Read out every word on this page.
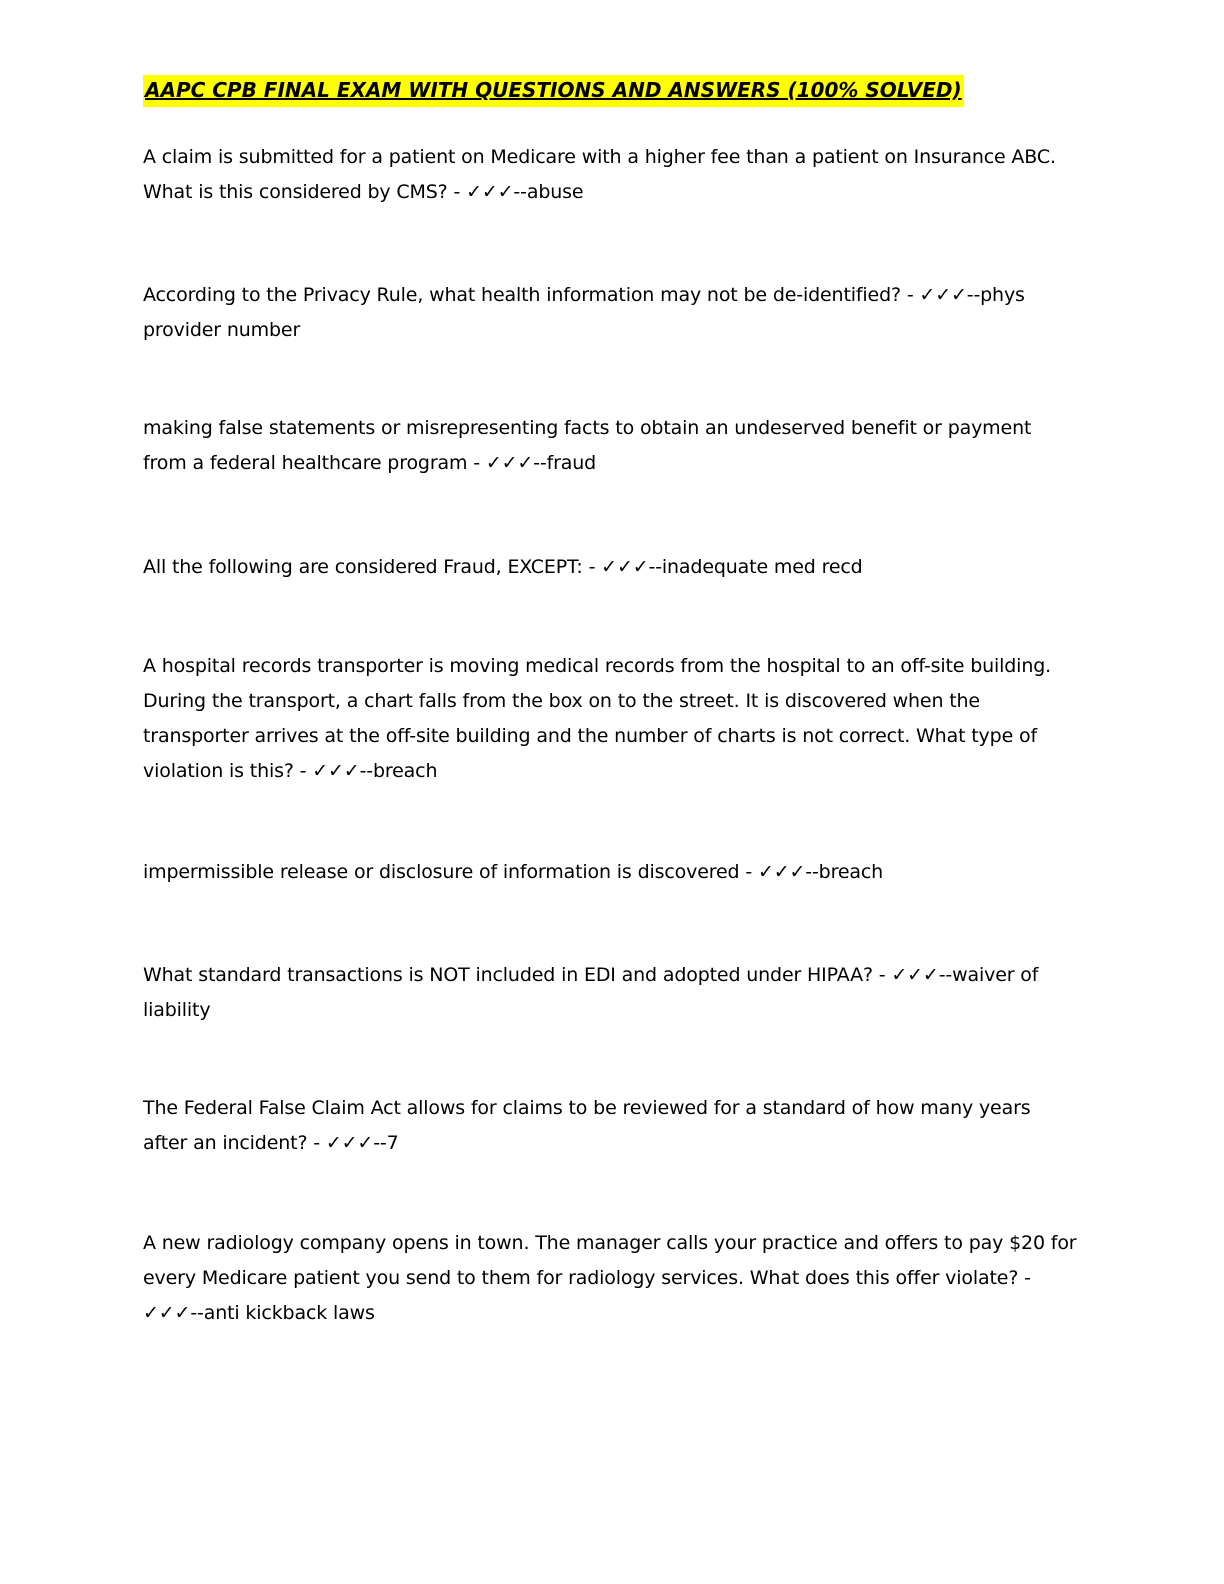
AAPC CPB FINAL EXAM WITH QUESTIONS AND ANSWERS (100% SOLVED)

A claim is submitted for a patient on Medicare with a higher fee than a patient on Insurance ABC. What is this considered by CMS? - ✓✓✓--abuse

According to the Privacy Rule, what health information may not be de-identified? - ✓✓✓--phys provider number

making false statements or misrepresenting facts to obtain an undeserved benefit or payment from a federal healthcare program - ✓✓✓--fraud

All the following are considered Fraud, EXCEPT: - ✓✓✓--inadequate med recd

A hospital records transporter is moving medical records from the hospital to an off-site building. During the transport, a chart falls from the box on to the street. It is discovered when the transporter arrives at the off-site building and the number of charts is not correct. What type of violation is this? - ✓✓✓--breach

impermissible release or disclosure of information is discovered - ✓✓✓--breach

What standard transactions is NOT included in EDI and adopted under HIPAA? - ✓✓✓--waiver of liability

The Federal False Claim Act allows for claims to be reviewed for a standard of how many years after an incident? - ✓✓✓--7

A new radiology company opens in town. The manager calls your practice and offers to pay $20 for every Medicare patient you send to them for radiology services. What does this offer violate? - ✓✓✓--anti kickback laws
